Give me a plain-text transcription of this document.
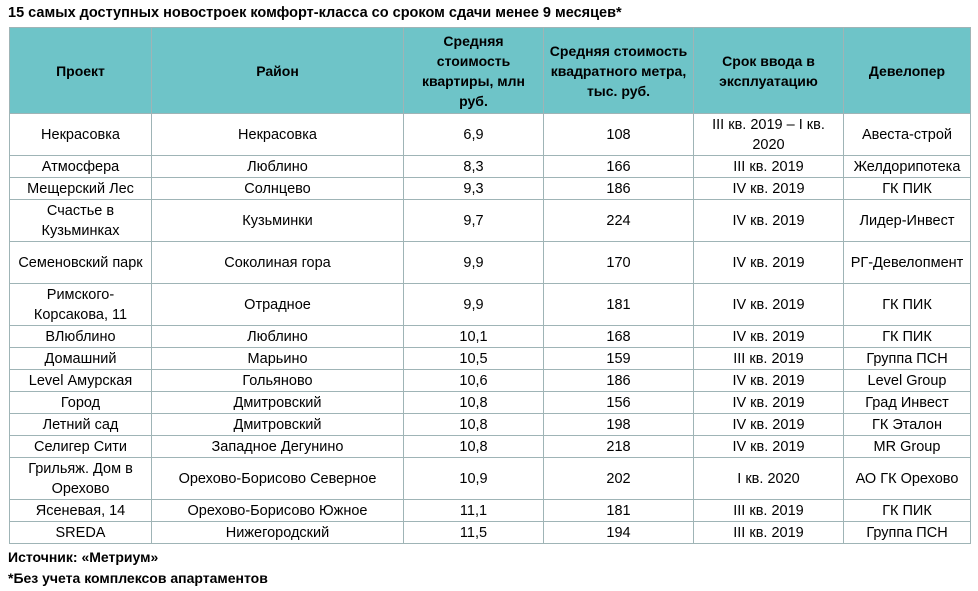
15 самых доступных новостроек комфорт-класса со сроком сдачи менее 9 месяцев*
Проект	Район	Средняя стоимость квартиры, млн руб.	Средняя стоимость квадратного метра, тыс. руб.	Срок ввода в эксплуатацию	Девелопер
Некрасовка	Некрасовка	6,9	108	III кв. 2019 – I кв. 2020	Авеста-строй
Атмосфера	Люблино	8,3	166	III кв. 2019	Желдорипотека
Мещерский Лес	Солнцево	9,3	186	IV кв. 2019	ГК ПИК
Счастье в Кузьминках	Кузьминки	9,7	224	IV кв. 2019	Лидер-Инвест
Семеновский парк	Соколиная гора	9,9	170	IV кв. 2019	РГ-Девелопмент
Римского-Корсакова, 11	Отрадное	9,9	181	IV кв. 2019	ГК ПИК
ВЛюблино	Люблино	10,1	168	IV кв. 2019	ГК ПИК
Домашний	Марьино	10,5	159	III кв. 2019	Группа ПСН
Level Амурская	Гольяново	10,6	186	IV кв. 2019	Level Group
Город	Дмитровский	10,8	156	IV кв. 2019	Град Инвест
Летний сад	Дмитровский	10,8	198	IV кв. 2019	ГК Эталон
Селигер Сити	Западное Дегунино	10,8	218	IV кв. 2019	MR Group
Грильяж. Дом в Орехово	Орехово-Борисово Северное	10,9	202	I кв. 2020	АО ГК Орехово
Ясеневая, 14	Орехово-Борисово Южное	11,1	181	III кв. 2019	ГК ПИК
SREDA	Нижегородский	11,5	194	III кв. 2019	Группа ПСН
Источник: «Метриум»
*Без учета комплексов апартаментов
